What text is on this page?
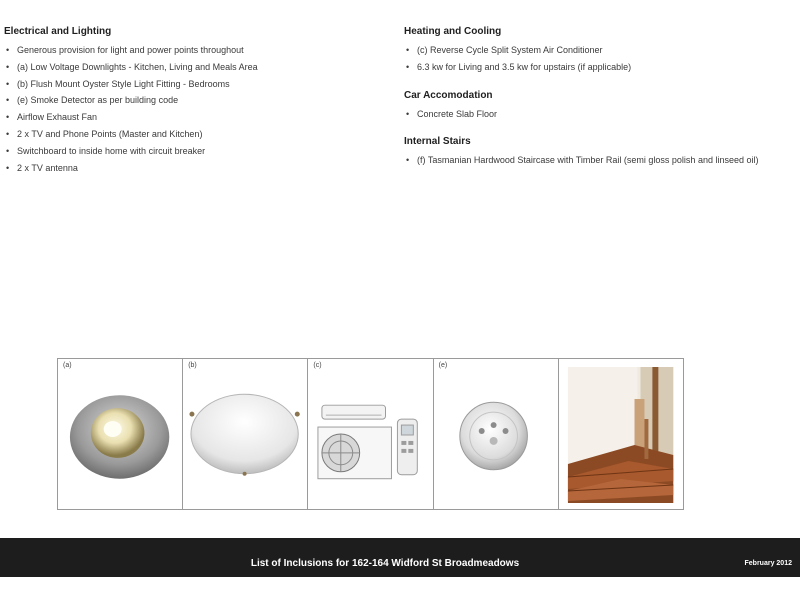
Electrical and Lighting
• Generous provision for light and power points throughout
• (a) Low Voltage Downlights - Kitchen, Living and Meals Area
• (b) Flush Mount Oyster Style Light Fitting - Bedrooms
• (e) Smoke Detector as per building code
• Airflow Exhaust Fan
• 2 x TV and Phone Points (Master and Kitchen)
• Switchboard to inside home with circuit breaker
• 2 x TV antenna
Heating and Cooling
• (c) Reverse Cycle Split System Air Conditioner
• 6.3 kw for Living and 3.5 kw for upstairs (if applicable)
Car Accomodation
• Concrete Slab Floor
Internal Stairs
• (f) Tasmanian Hardwood Staircase with Timber Rail (semi gloss polish and linseed oil)
(a)	(b)	(c)	(e)
List of Inclusions for 162-164 Widford St Broadmeadows	February 2012
